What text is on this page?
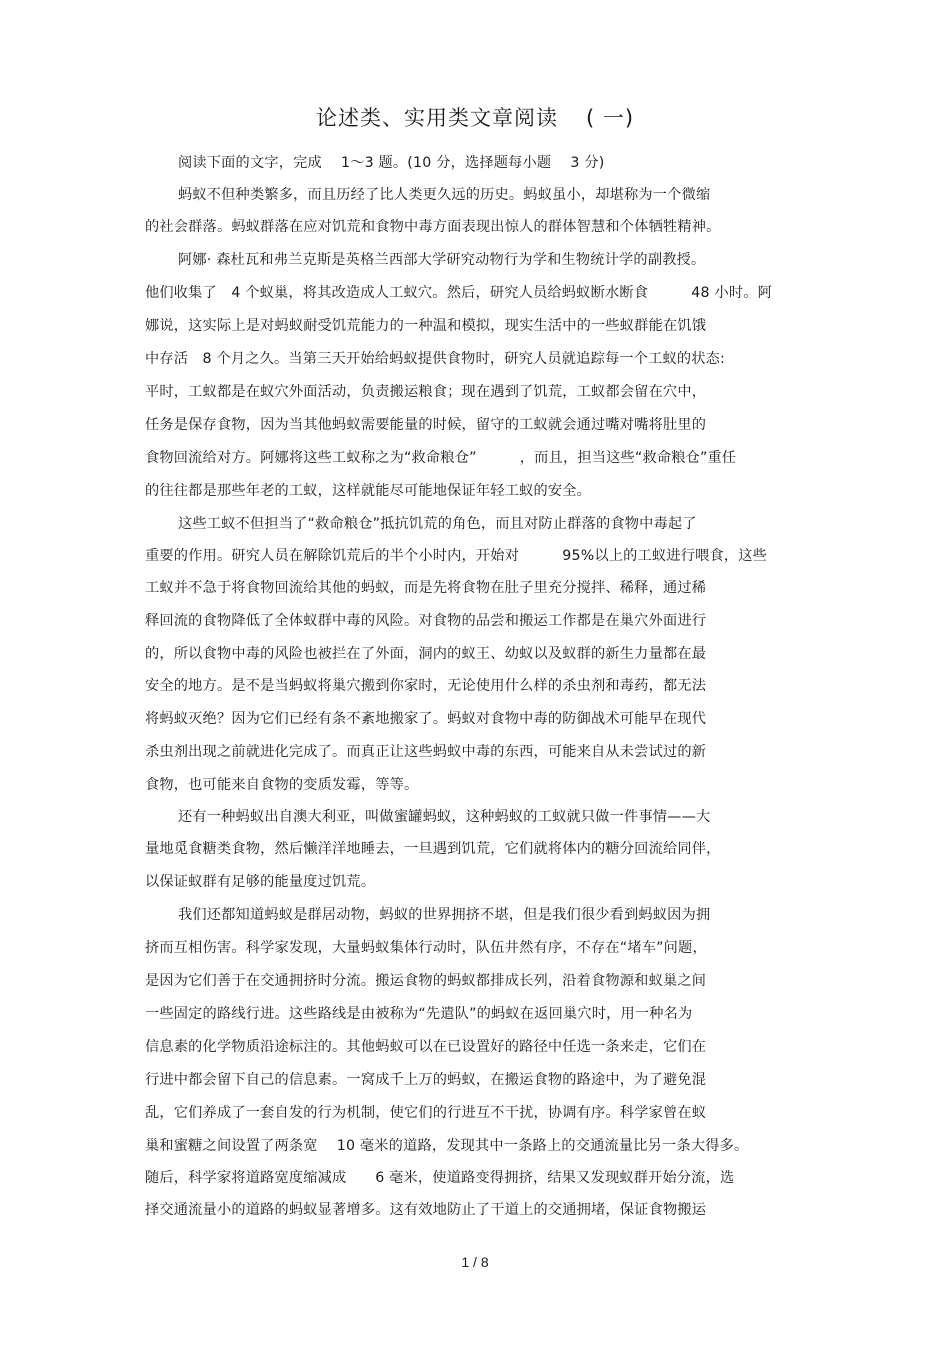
论述类、实用类文章阅读 ( 一)
阅读下面的文字，完成　 1～3 题。(10 分，选择题每小题　 3 分)
蚂蚁不但种类繁多，而且历经了比人类更久远的历史。蚂蚁虽小，却堪称为一个微缩
的社会群落。蚂蚁群落在应对饥荒和食物中毒方面表现出惊人的群体智慧和个体牺牲精神。
阿娜· 森杜瓦和弗兰克斯是英格兰西部大学研究动物行为学和生物统计学的副教授。
他们收集了　4 个蚁巢，将其改造成人工蚁穴。然后，研究人员给蚂蚁断水断食　　　48 小时。阿
娜说，这实际上是对蚂蚁耐受饥荒能力的一种温和模拟，现实生活中的一些蚁群能在饥饿
中存活　8 个月之久。当第三天开始给蚂蚁提供食物时，研究人员就追踪每一个工蚁的状态:
平时，工蚁都是在蚁穴外面活动，负责搬运粮食；现在遇到了饥荒，工蚁都会留在穴中，
任务是保存食物，因为当其他蚂蚁需要能量的时候，留守的工蚁就会通过嘴对嘴将肚里的
食物回流给对方。阿娜将这些工蚁称之为“救命粮仓”　　　，而且，担当这些“救命粮仓”重任
的往往都是那些年老的工蚁，这样就能尽可能地保证年轻工蚁的安全。
这些工蚁不但担当了“救命粮仓”抵抗饥荒的角色，而且对防止群落的食物中毒起了
重要的作用。研究人员在解除饥荒后的半个小时内，开始对　　　95%以上的工蚁进行喂食，这些
工蚁并不急于将食物回流给其他的蚂蚁，而是先将食物在肚子里充分搅拌、稀释，通过稀
释回流的食物降低了全体蚁群中毒的风险。对食物的品尝和搬运工作都是在巢穴外面进行
的，所以食物中毒的风险也被拦在了外面，洞内的蚁王、幼蚁以及蚁群的新生力量都在最
安全的地方。是不是当蚂蚁将巢穴搬到你家时，无论使用什么样的杀虫剂和毒药，都无法
将蚂蚁灭绝？因为它们已经有条不紊地搬家了。蚂蚁对食物中毒的防御战术可能早在现代
杀虫剂出现之前就进化完成了。而真正让这些蚂蚁中毒的东西，可能来自从未尝试过的新
食物，也可能来自食物的变质发霉，等等。
还有一种蚂蚁出自澳大利亚，叫做蜜罐蚂蚁，这种蚂蚁的工蚁就只做一件事情——大
量地觅食糖类食物，然后懒洋洋地睡去，一旦遇到饥荒，它们就将体内的糖分回流给同伴，
以保证蚁群有足够的能量度过饥荒。
我们还都知道蚂蚁是群居动物，蚂蚁的世界拥挤不堪，但是我们很少看到蚂蚁因为拥
挤而互相伤害。科学家发现，大量蚂蚁集体行动时，队伍井然有序，不存在“堵车”问题，
是因为它们善于在交通拥挤时分流。搬运食物的蚂蚁都排成长列，沿着食物源和蚁巢之间
一些固定的路线行进。这些路线是由被称为“先遣队”的蚂蚁在返回巢穴时，用一种名为
信息素的化学物质沿途标注的。其他蚂蚁可以在已设置好的路径中任选一条来走，它们在
行进中都会留下自己的信息素。一窝成千上万的蚂蚁，在搬运食物的路途中，为了避免混
乱，它们养成了一套自发的行为机制，使它们的行进互不干扰，协调有序。科学家曾在蚁
巢和蜜糖之间设置了两条宽　 10 毫米的道路，发现其中一条路上的交通流量比另一条大得多。
随后，科学家将道路宽度缩减成　　6 毫米，使道路变得拥挤，结果又发现蚁群开始分流，选
择交通流量小的道路的蚂蚁显著增多。这有效地防止了干道上的交通拥堵，保证食物搬运
1 / 8
